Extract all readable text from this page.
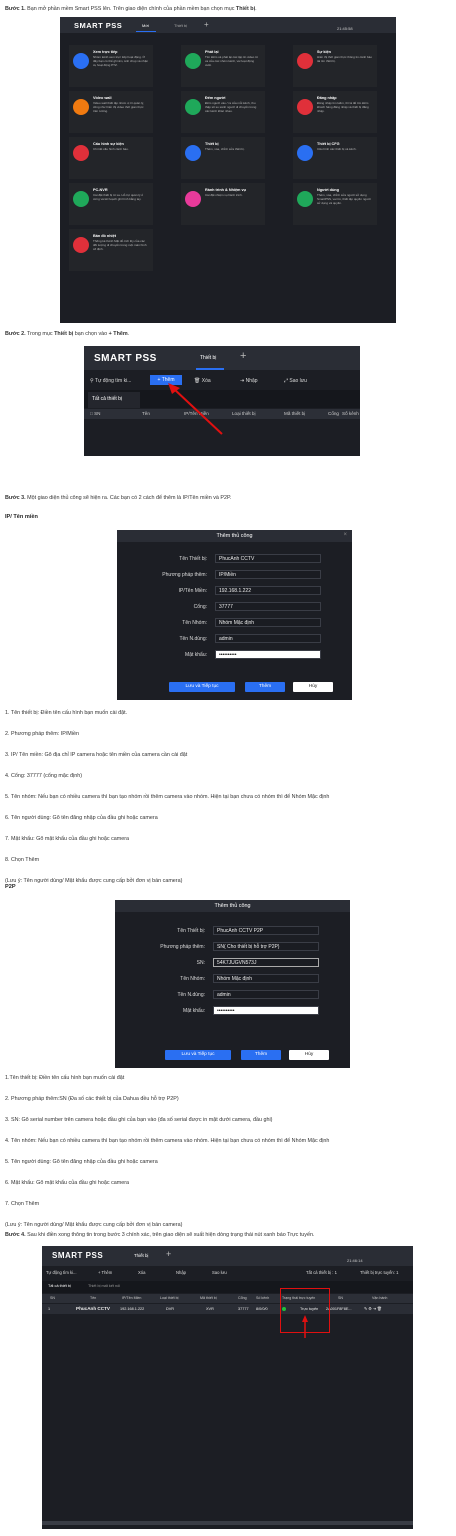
Bước 1. Bạn mở phần mềm Smart PSS lên. Trên giao diện chính của phần mềm bạn chọn mục Thiết bị.
SMART PSS	Mới	Thiết bị +	21:45:58
Xem trực tiếp
Nhóm kênh xem trực tiếp hoạt động. Ở đây bạn có thể ghi âm, ảnh chụp và nhận cụ hoạt động PTZ.
Phát lại
Tìm kiếm và phát lại các tập tin video từ xa của các nhóm kênh, và hoạt động xuất.
Sự kiện
Hiển thị thời gian thực thông tin cảnh báo tài tìm thiết bị.
Video wall
Video wall thiết lập nhóm vị trí quản lý, cũng như hiển thị video thời gian thực trên tường.
Đếm người
Đếm người vào / ra của mỗi kênh, thu thập số so sánh người di chuyển trong các kênh khác nhau.
Đăng nhập
Đăng nhập tìm kiếm, thì là để tìm kiếm khách hàng đăng nhập và thiết bị đăng nhập.
Cấu hình sự kiện
Chi tiết cấu hình cảnh báo.
Thiết bị
Thêm, xóa, chỉnh sửa thiết bị.
Thiết bị CFG
Cấu hình các thiết bị và kênh.
PC-NVR
Cài đặt thiết bị từ xa. Hỗ trợ quản lý ổ cứng và kế hoạch ghi hình bằng tay.
Rành trình & Nhiệm vụ
Cài đặt nhiệm vụ hành trình.
Người dùng
Thêm, xóa, chỉnh sửa người sử dụng SmartPSS, vai trò, thiết lập quyền người sử dụng và quyền.
Bản đồ nhiệt
Thống kê Kênh Mặt đỏ tích lũy của các đối tượng di chuyển trong một màn hình cố định.
Bước 2. Trong mục Thiết bị bạn chọn vào + Thêm.
SMART PSS	Thiết bị +
⚲ Tự động tìm ki...	+ Thêm	🗑 Xóa	⇥ Nhập	⤢ Sao lưu
Tất cả thiết bị
□ SN	Tên	IP/Tên Miền	Loại thiết bị	Mã thiết bị	Cổng Số kênh
Bước 3. Một giao diện thủ công sẽ hiện ra. Các bạn có 2 cách để thêm là IP/Tên miền và P2P.
IP/ Tên miền
Thêm thủ công	×
Tên Thiết bị:	PhucAnh CCTV
Phương pháp thêm:	IP/Miền
IP/Tên Miền:	192.168.1.222
Cổng:	37777
Tên Nhóm:	Nhóm Mặc định
Tên N.dùng:	admin
Mật khẩu:	••••••••••
Lưu và Tiếp tục	Thêm	Hủy
1. Tên thiết bị: Điền tên cấu hình bạn muốn cài đặt.
2. Phương pháp thêm: IP/Miền
3. IP/ Tên miền: Gõ địa chỉ IP camera hoặc tên miền của camera cần cài đặt
4. Cổng: 37777 (cổng mặc định)
5. Tên nhóm: Nếu bạn có nhiều camera thì bạn tạo nhóm rồi thêm camera vào nhóm. Hiện tại bạn chưa có nhóm thì để Nhóm Mặc định
6. Tên người dùng: Gõ tên đăng nhập của đầu ghi hoặc camera
7. Mật khẩu: Gõ mật khẩu của đầu ghi hoặc camera
8. Chọn Thêm
(Lưu ý: Tên người dùng/ Mật khẩu được cung cấp bởi đơn vị bán camera)
P2P
Thêm thủ công
Tên Thiết bị:	PhucAnh CCTV P2P
Phương pháp thêm:	SN( Cho thiết bị hỗ trợ P2P)
SN:	54K7JUGVN573J
Tên Nhóm:	Nhóm Mặc định
Tên N.dùng:	admin
Mật khẩu:	••••••••••
Lưu và Tiếp tục	Thêm	Hủy
1.Tên thiết bị: Điền tên cấu hình bạn muốn cài đặt
2. Phương pháp thêm:SN (Đa số các thiết bị của Dahua đều hỗ trợ P2P)
3. SN: Gõ serial number trên camera hoặc đầu ghi của bạn vào (đa số serial được in mặt dưới camera, đầu ghi)
4. Tên nhóm: Nếu bạn có nhiều camera thì bạn tạo nhóm rồi thêm camera vào nhóm. Hiện tại bạn chưa có nhóm thì để Nhóm Mặc định
5. Tên người dùng: Gõ tên đăng nhập của đầu ghi hoặc camera
6. Mật khẩu: Gõ mật khẩu của đầu ghi hoặc camera
7. Chọn Thêm
(Lưu ý: Tên người dùng/ Mật khẩu được cung cấp bởi đơn vị bán camera)
Bước 4. Sau khi điền xong thông tin trong bước 3 chính xác, trên giao diện sẽ xuất hiện dòng trạng thái nút xanh báo Trực tuyến.
SMART PSS	Thiết bị +
21:46:14
Tự động tìm ki...	+ Thêm	Xóa	Nhập	Sao lưu	Tất cả thiết bị : 1	Thiết bị trực tuyến: 1
Tất cả thiết bị	Thiết bị mất kết nối
SN	Tên	IP/Tên Miền	Loại thiết bị	Mã thiết bị	Cổng	Số kênh	Trạng thái trực tuyến	SN	Vận hành
1	PhucAnh CCTV	192.168.1.222	DVR	XVR	37777 8/0/0/0	Trực tuyến 2A001F8F8E...	✎ ⚙ ⇥ 🗑
